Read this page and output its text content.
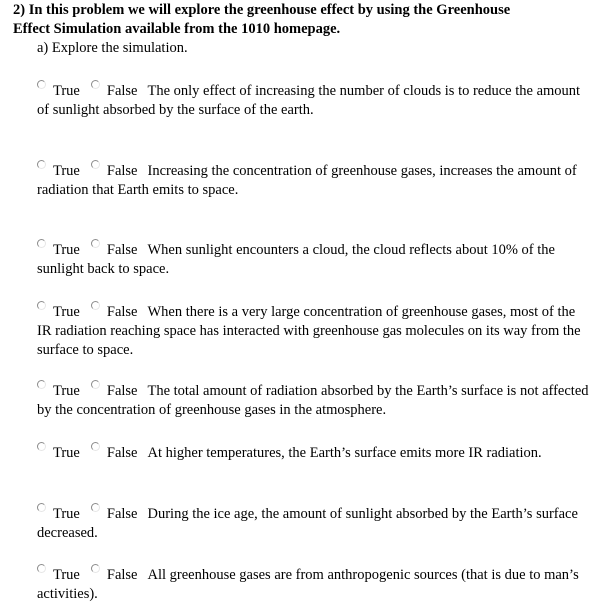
2) In this problem we will explore the greenhouse effect by using the Greenhouse
Effect Simulation available from the 1010 homepage.
a) Explore the simulation.
True False The only effect of increasing the number of clouds is to reduce the amount of sunlight absorbed by the surface of the earth.
True False Increasing the concentration of greenhouse gases, increases the amount of radiation that Earth emits to space.
True False When sunlight encounters a cloud, the cloud reflects about 10% of the sunlight back to space.
True False When there is a very large concentration of greenhouse gases, most of the IR radiation reaching space has interacted with greenhouse gas molecules on its way from the surface to space.
True False The total amount of radiation absorbed by the Earth’s surface is not affected by the concentration of greenhouse gases in the atmosphere.
True False At higher temperatures, the Earth’s surface emits more IR radiation.
True False During the ice age, the amount of sunlight absorbed by the Earth’s surface decreased.
True False All greenhouse gases are from anthropogenic sources (that is due to man’s activities).
